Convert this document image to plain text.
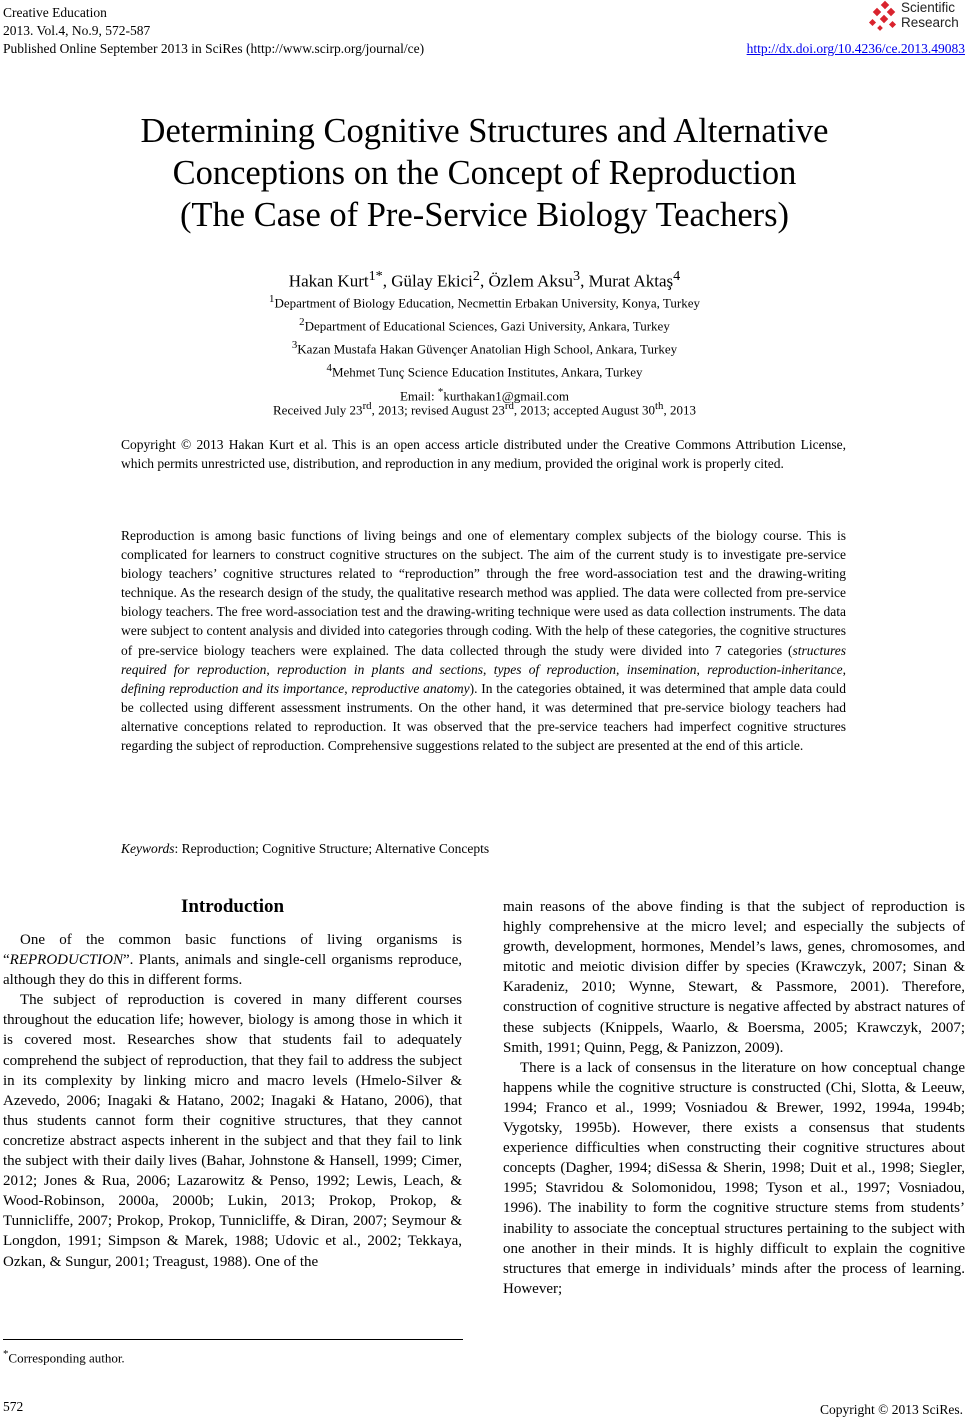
Creative Education
2013. Vol.4, No.9, 572-587
Published Online September 2013 in SciRes (http://www.scirp.org/journal/ce)	http://dx.doi.org/10.4236/ce.2013.49083
Scientific
Research
Determining Cognitive Structures and Alternative
Conceptions on the Concept of Reproduction
(The Case of Pre-Service Biology Teachers)
Hakan Kurt$^{1*}$, Gülay Ekici$^2$, Özlem Aksu$^3$, Murat Aktaş$^4$
$^1$Department of Biology Education, Necmettin Erbakan University, Konya, Turkey
$^2$Department of Educational Sciences, Gazi University, Ankara, Turkey
$^3$Kazan Mustafa Hakan Güvençer Anatolian High School, Ankara, Turkey
$^4$Mehmet Tunç Science Education Institutes, Ankara, Turkey
Email: *kurthakan1@gmail.com
Received July 23rd, 2013; revised August 23rd, 2013; accepted August 30th, 2013
Copyright © 2013 Hakan Kurt et al. This is an open access article distributed under the Creative Commons Attribution License, which permits unrestricted use, distribution, and reproduction in any medium, provided the original work is properly cited.
Reproduction is among basic functions of living beings and one of elementary complex subjects of the biology course. This is complicated for learners to construct cognitive structures on the subject. The aim of the current study is to investigate pre-service biology teachers’ cognitive structures related to “reproduction” through the free word-association test and the drawing-writing technique. As the research design of the study, the qualitative research method was applied. The data were collected from pre-service biology teachers. The free word-association test and the drawing-writing technique were used as data collection instruments. The data were subject to content analysis and divided into categories through coding. With the help of these categories, the cognitive structures of pre-service biology teachers were explained. The data collected through the study were divided into 7 categories (structures required for reproduction, reproduction in plants and sections, types of reproduction, insemination, reproduction-inheritance, defining reproduction and its importance, reproductive anatomy). In the categories obtained, it was determined that ample data could be collected using different assessment instruments. On the other hand, it was determined that pre-service biology teachers had alternative conceptions related to reproduction. It was observed that the pre-service teachers had imperfect cognitive structures regarding the subject of reproduction. Comprehensive suggestions related to the subject are presented at the end of this article.
Keywords: Reproduction; Cognitive Structure; Alternative Concepts
Introduction

One of the common basic functions of living organisms is “REPRODUCTION”. Plants, animals and single-cell organisms reproduce, although they do this in different forms.

The subject of reproduction is covered in many different courses throughout the education life; however, biology is among those in which it is covered most. Researches show that students fail to adequately comprehend the subject of reproduction, that they fail to address the subject in its complexity by linking micro and macro levels (Hmelo-Silver & Azevedo, 2006; Inagaki & Hatano, 2002; Inagaki & Hatano, 2006), that thus students cannot form their cognitive structures, that they cannot concretize abstract aspects inherent in the subject and that they fail to link the subject with their daily lives (Bahar, Johnstone & Hansell, 1999; Cimer, 2012; Jones & Rua, 2006; Lazarowitz & Penso, 1992; Lewis, Leach, & Wood-Robinson, 2000a, 2000b; Lukin, 2013; Prokop, Prokop, & Tunnicliffe, 2007; Prokop, Prokop, Tunnicliffe, & Diran, 2007; Seymour & Longdon, 1991; Simpson & Marek, 1988; Udovic et al., 2002; Tekkaya, Ozkan, & Sungur, 2001; Treagust, 1988). One of the

main reasons of the above finding is that the subject of reproduction is highly comprehensive at the micro level; and especially the subjects of growth, development, hormones, Mendel’s laws, genes, chromosomes, and mitotic and meiotic division differ by species (Krawczyk, 2007; Sinan & Karadeniz, 2010; Wynne, Stewart, & Passmore, 2001). Therefore, construction of cognitive structure is negative affected by abstract natures of these subjects (Knippels, Waarlo, & Boersma, 2005; Krawczyk, 2007; Smith, 1991; Quinn, Pegg, & Panizzon, 2009).

There is a lack of consensus in the literature on how conceptual change happens while the cognitive structure is constructed (Chi, Slotta, & Leeuw, 1994; Franco et al., 1999; Vosniadou & Brewer, 1992, 1994a, 1994b; Vygotsky, 1995b). However, there exists a consensus that students experience difficulties when constructing their cognitive structures about concepts (Dagher, 1994; diSessa & Sherin, 1998; Duit et al., 1998; Siegler, 1995; Stavridou & Solomonidou, 1998; Tyson et al., 1997; Vosniadou, 1996). The inability to form the cognitive structure stems from students’ inability to associate the conceptual structures pertaining to the subject with one another in their minds. It is highly difficult to explain the cognitive structures that emerge in individuals’ minds after the process of learning. However;

*Corresponding author.
572	Copyright © 2013 SciRes.
